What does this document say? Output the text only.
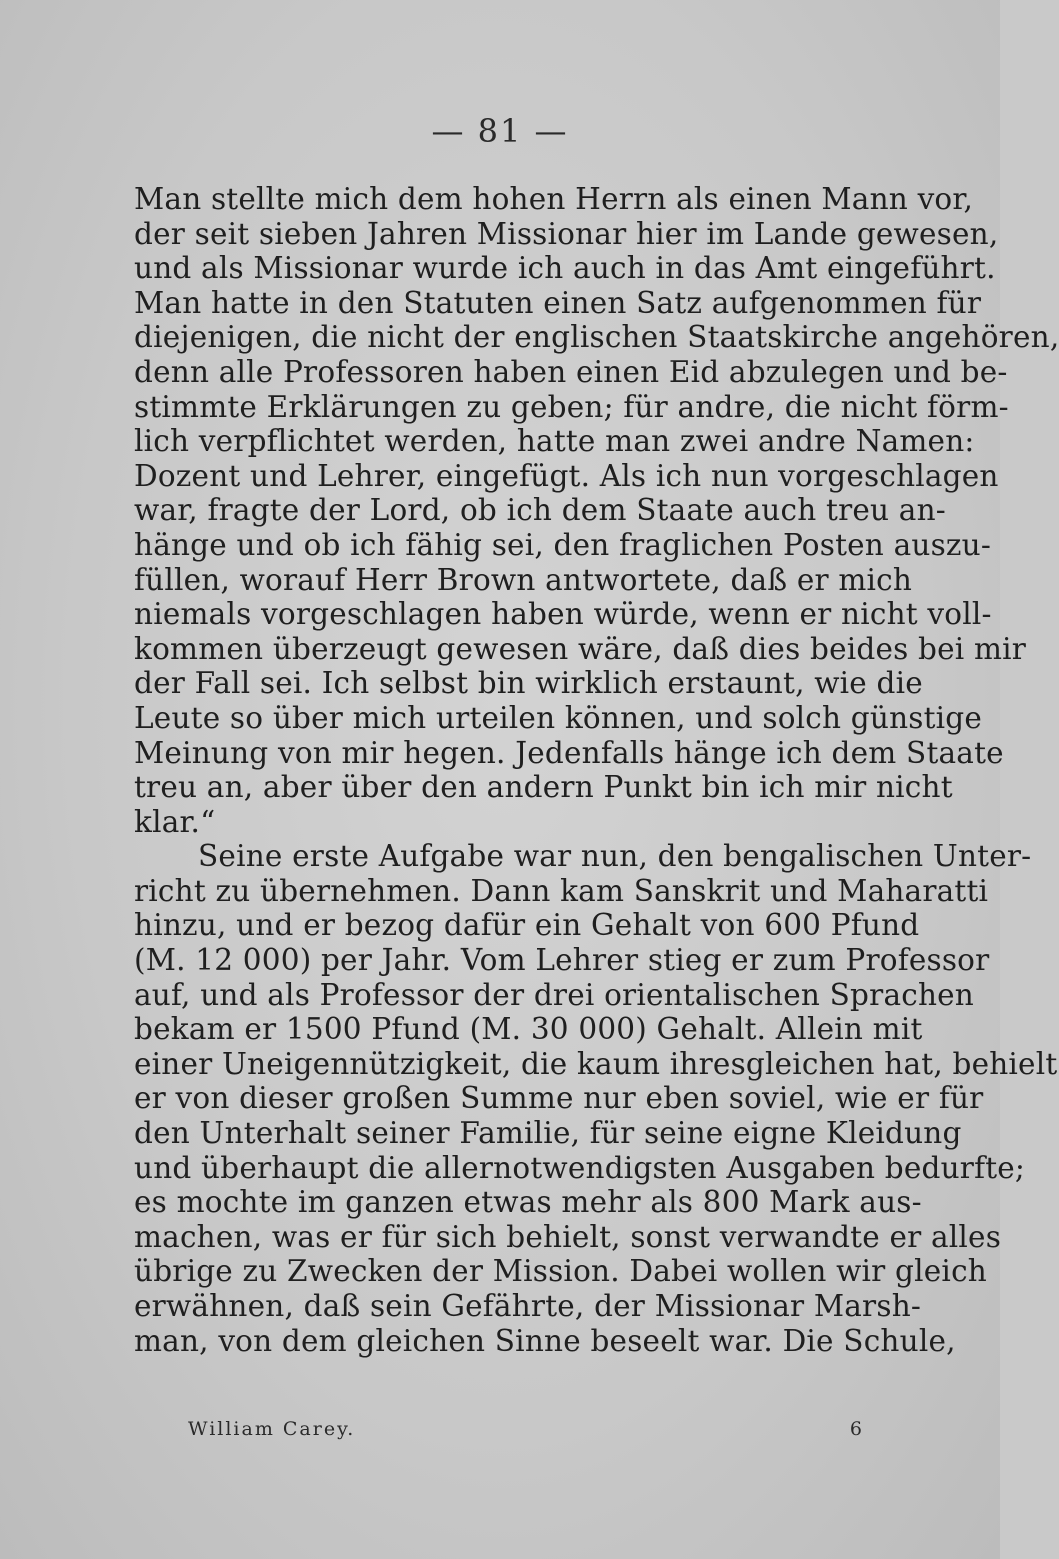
— 81 —
Man stellte mich dem hohen Herrn als einen Mann vor,
der seit sieben Jahren Missionar hier im Lande gewesen,
und als Missionar wurde ich auch in das Amt eingeführt.
Man hatte in den Statuten einen Satz aufgenommen für
diejenigen, die nicht der englischen Staatskirche angehören,
denn alle Professoren haben einen Eid abzulegen und be-
stimmte Erklärungen zu geben; für andre, die nicht förm-
lich verpflichtet werden, hatte man zwei andre Namen:
Dozent und Lehrer, eingefügt. Als ich nun vorgeschlagen
war, fragte der Lord, ob ich dem Staate auch treu an-
hänge und ob ich fähig sei, den fraglichen Posten auszu-
füllen, worauf Herr Brown antwortete, daß er mich
niemals vorgeschlagen haben würde, wenn er nicht voll-
kommen überzeugt gewesen wäre, daß dies beides bei mir
der Fall sei. Ich selbst bin wirklich erstaunt, wie die
Leute so über mich urteilen können, und solch günstige
Meinung von mir hegen. Jedenfalls hänge ich dem Staate
treu an, aber über den andern Punkt bin ich mir nicht
klar.“
Seine erste Aufgabe war nun, den bengalischen Unter-
richt zu übernehmen. Dann kam Sanskrit und Maharatti
hinzu, und er bezog dafür ein Gehalt von 600 Pfund
(M. 12 000) per Jahr. Vom Lehrer stieg er zum Professor
auf, und als Professor der drei orientalischen Sprachen
bekam er 1500 Pfund (M. 30 000) Gehalt. Allein mit
einer Uneigennützigkeit, die kaum ihresgleichen hat, behielt
er von dieser großen Summe nur eben soviel, wie er für
den Unterhalt seiner Familie, für seine eigne Kleidung
und überhaupt die allernotwendigsten Ausgaben bedurfte;
es mochte im ganzen etwas mehr als 800 Mark aus-
machen, was er für sich behielt, sonst verwandte er alles
übrige zu Zwecken der Mission. Dabei wollen wir gleich
erwähnen, daß sein Gefährte, der Missionar Marsh-
man, von dem gleichen Sinne beseelt war. Die Schule,
William Carey.	6
